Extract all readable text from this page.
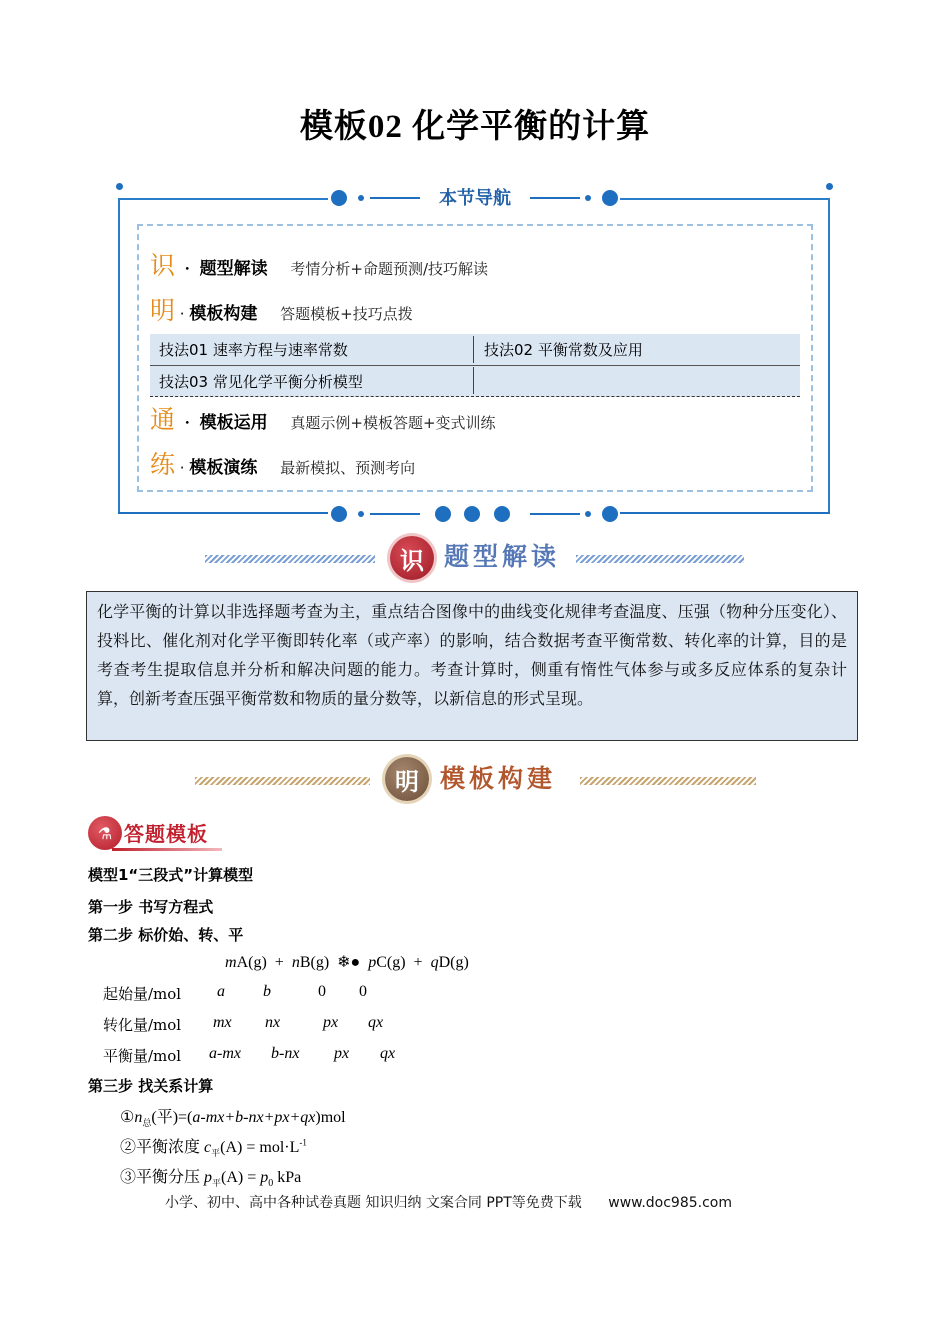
模板02 化学平衡的计算
本节导航
识 ・ 题型解读 考情分析+命题预测/技巧解读
明 · 模板构建 答题模板+技巧点拨
技法01 速率方程与速率常数	技法02 平衡常数及应用
技法03 常见化学平衡分析模型
通 ・ 模板运用 真题示例+模板答题+变式训练
练 · 模板演练 最新模拟、预测考向
识 题型解读
化学平衡的计算以非选择题考查为主，重点结合图像中的曲线变化规律考查温度、压强（物种分压变化）、投料比、催化剂对化学平衡即转化率（或产率）的影响，结合数据考查平衡常数、转化率的计算，目的是考查考生提取信息并分析和解决问题的能力。考查计算时，侧重有惰性气体参与或多反应体系的复杂计算，创新考查压强平衡常数和物质的量分数等，以新信息的形式呈现。
明 模板构建
⚗ 答题模板
模型1“三段式”计算模型
第一步 书写方程式
第二步 标价始、转、平
mA(g) + nB(g) ❄● pC(g) + qD(g)
起始量/mol a b	0 0
转化量/mol mx nx	px qx
平衡量/mol a-mx b-nx px qx
第三步 找关系计算
$①n_总$(平)=(a-mx+b-nx+px+qx)mol
②平衡浓度 $c_平(A) = mol\cdot L^{-1}$
③平衡分压 $p_平(A) = p_0$ kPa
小学、初中、高中各种试卷真题 知识归纳 文案合同 PPT等免费下载 www.doc985.com
